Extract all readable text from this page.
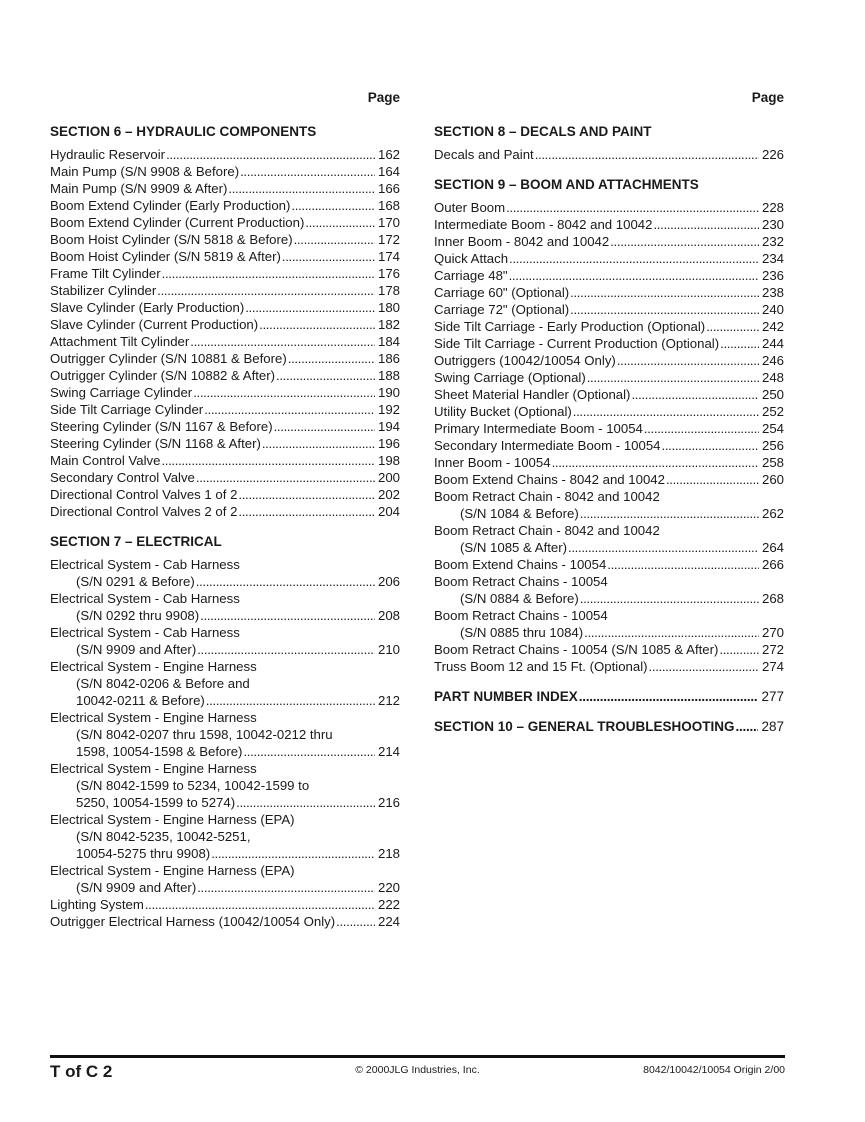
Page
SECTION 6 – HYDRAULIC COMPONENTS
Hydraulic Reservoir . . .	162
Main Pump (S/N 9908 & Before) . . .	164
Main Pump (S/N 9909 & After) . . .	166
Boom Extend Cylinder (Early Production) . . .	168
Boom Extend Cylinder (Current Production) . . .	170
Boom Hoist Cylinder (S/N 5818 & Before) . . .	172
Boom Hoist Cylinder (S/N 5819 & After) . . .	174
Frame Tilt Cylinder . . .	176
Stabilizer Cylinder . . .	178
Slave Cylinder (Early Production) . . .	180
Slave Cylinder (Current Production) . . .	182
Attachment Tilt Cylinder . . .	184
Outrigger Cylinder (S/N 10881 & Before) . . .	186
Outrigger Cylinder (S/N 10882 & After) . . .	188
Swing Carriage Cylinder . . .	190
Side Tilt Carriage Cylinder . . .	192
Steering Cylinder (S/N 1167 & Before) . . .	194
Steering Cylinder (S/N 1168 & After) . . .	196
Main Control Valve . . .	198
Secondary Control Valve . . .	200
Directional Control Valves 1 of 2 . . .	202
Directional Control Valves 2 of 2 . . .	204
SECTION 7 – ELECTRICAL
Electrical System - Cab Harness
(S/N 0291 & Before) . . .	206
Electrical System - Cab Harness
(S/N 0292 thru 9908) . . .	208
Electrical System - Cab Harness
(S/N 9909 and After) . . .	210
Electrical System - Engine Harness
(S/N 8042-0206 & Before and
10042-0211 & Before) . . .	212
Electrical System - Engine Harness
(S/N 8042-0207 thru 1598, 10042-0212 thru
1598, 10054-1598 & Before) . . .	214
Electrical System - Engine Harness
(S/N 8042-1599 to 5234, 10042-1599 to
5250, 10054-1599 to 5274) . . .	216
Electrical System - Engine Harness (EPA)
(S/N 8042-5235, 10042-5251,
10054-5275 thru 9908) . . .	218
Electrical System - Engine Harness (EPA)
(S/N 9909 and After) . . .	220
Lighting System . . .	222
Outrigger Electrical Harness (10042/10054 Only) . . .	224
Page
SECTION 8 – DECALS AND PAINT
Decals and Paint . . .	226
SECTION 9 – BOOM AND ATTACHMENTS
Outer Boom . . .	228
Intermediate Boom - 8042 and 10042 . . .	230
Inner Boom - 8042 and 10042 . . .	232
Quick Attach . . .	234
Carriage 48" . . .	236
Carriage 60" (Optional) . . .	238
Carriage 72" (Optional) . . .	240
Side Tilt Carriage - Early Production (Optional) . . .	242
Side Tilt Carriage - Current Production (Optional) . . .	244
Outriggers (10042/10054 Only) . . .	246
Swing Carriage (Optional) . . .	248
Sheet Material Handler (Optional) . . .	250
Utility Bucket (Optional) . . .	252
Primary Intermediate Boom - 10054 . . .	254
Secondary Intermediate Boom - 10054 . . .	256
Inner Boom - 10054 . . .	258
Boom Extend Chains - 8042 and 10042 . . .	260
Boom Retract Chain - 8042 and 10042
(S/N 1084 & Before) . . .	262
Boom Retract Chain - 8042 and 10042
(S/N 1085 & After) . . .	264
Boom Extend Chains - 10054 . . .	266
Boom Retract Chains - 10054
(S/N 0884 & Before) . . .	268
Boom Retract Chains - 10054
(S/N 0885 thru 1084) . . .	270
Boom Retract Chains - 10054 (S/N 1085 & After) . . .	272
Truss Boom 12 and 15 Ft. (Optional) . . .	274
PART NUMBER INDEX . . .	277
SECTION 10 – GENERAL TROUBLESHOOTING . . . 287
T of C 2	© 2000JLG Industries, Inc.	8042/10042/10054 Origin 2/00
